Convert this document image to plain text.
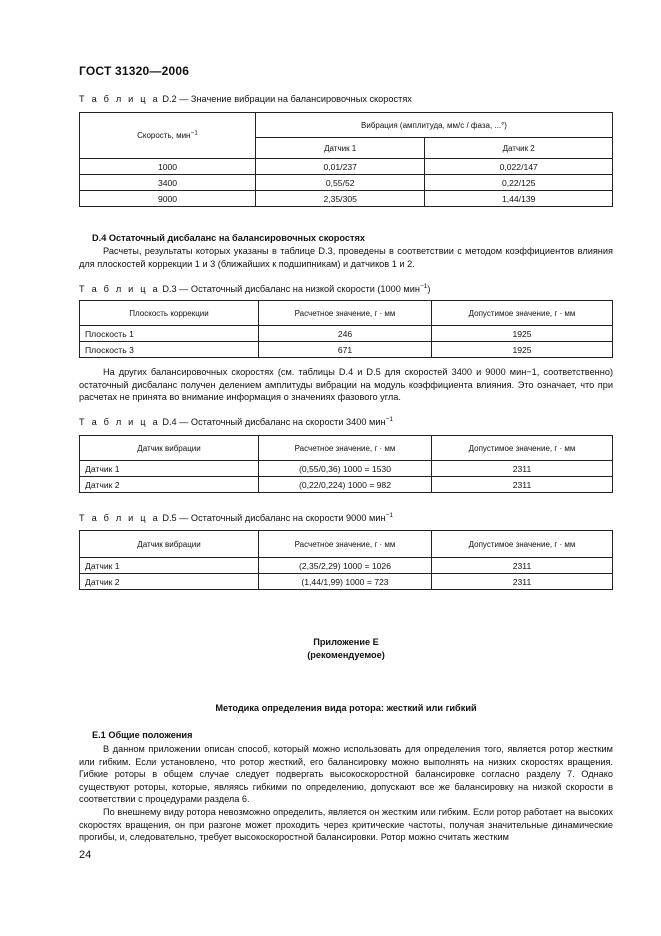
ГОСТ 31320—2006
Т а б л и ц а D.2 — Значение вибрации на балансировочных скоростях
Скорость, мин$^{-1}$	Вибрация (амплитуда, мм/с / фаза, ...°)	
	Датчик 1	Датчик 2
1000	0,01/237	0,022/147
3400	0,55/52	0,22/125
9000	2,35/305	1,44/139
D.4 Остаточный дисбаланс на балансировочных скоростях
Расчеты, результаты которых указаны в таблице D.3, проведены в соответствии с методом коэффициентов влияния для плоскостей коррекции 1 и 3 (ближайших к подшипникам) и датчиков 1 и 2.
Т а б л и ц а D.3 — Остаточный дисбаланс на низкой скорости (1000 мин$^{-1}$)
Плоскость коррекции	Расчетное значение, г · мм	Допустимое значение, г · мм
Плоскость 1	246	1925
Плоскость 3	671	1925
На других балансировочных скоростях (см. таблицы D.4 и D.5 для скоростей 3400 и 9000 мин−1, соответственно) остаточный дисбаланс получен делением амплитуды вибрации на модуль коэффициента влияния. Это означает, что при расчетах не принята во внимание информация о значениях фазового угла.
Т а б л и ц а D.4 — Остаточный дисбаланс на скорости 3400 мин$^{-1}$
Датчик вибрации	Расчетное значение, г · мм	Допустимое значение, г · мм
Датчик 1	(0,55/0,36) 1000 = 1530	2311
Датчик 2	(0,22/0,224) 1000 = 982	2311
Т а б л и ц а D.5 — Остаточный дисбаланс на скорости 9000 мин$^{-1}$
Датчик вибрации	Расчетное значение, г · мм	Допустимое значение, г · мм
Датчик 1	(2,35/2,29) 1000 = 1026	2311
Датчик 2	(1,44/1,99) 1000 = 723	2311
Приложение Е
(рекомендуемое)
Методика определения вида ротора: жесткий или гибкий
Е.1 Общие положения
В данном приложении описан способ, который можно использовать для определения того, является ротор жестким или гибким. Если установлено, что ротор жесткий, его балансировку можно выполнять на низких скоростях вращения. Гибкие роторы в общем случае следует подвергать высокоскоростной балансировке согласно разделу 7. Однако существуют роторы, которые, являясь гибкими по определению, допускают все же балансировку на низкой скорости в соответствии с процедурами раздела 6.
По внешнему виду ротора невозможно определить, является он жестким или гибким. Если ротор работает на высоких скоростях вращения, он при разгоне может проходить через критические частоты, получая значительные динамические прогибы, и, следовательно, требует высокоскоростной балансировки. Ротор можно считать жестким
24
